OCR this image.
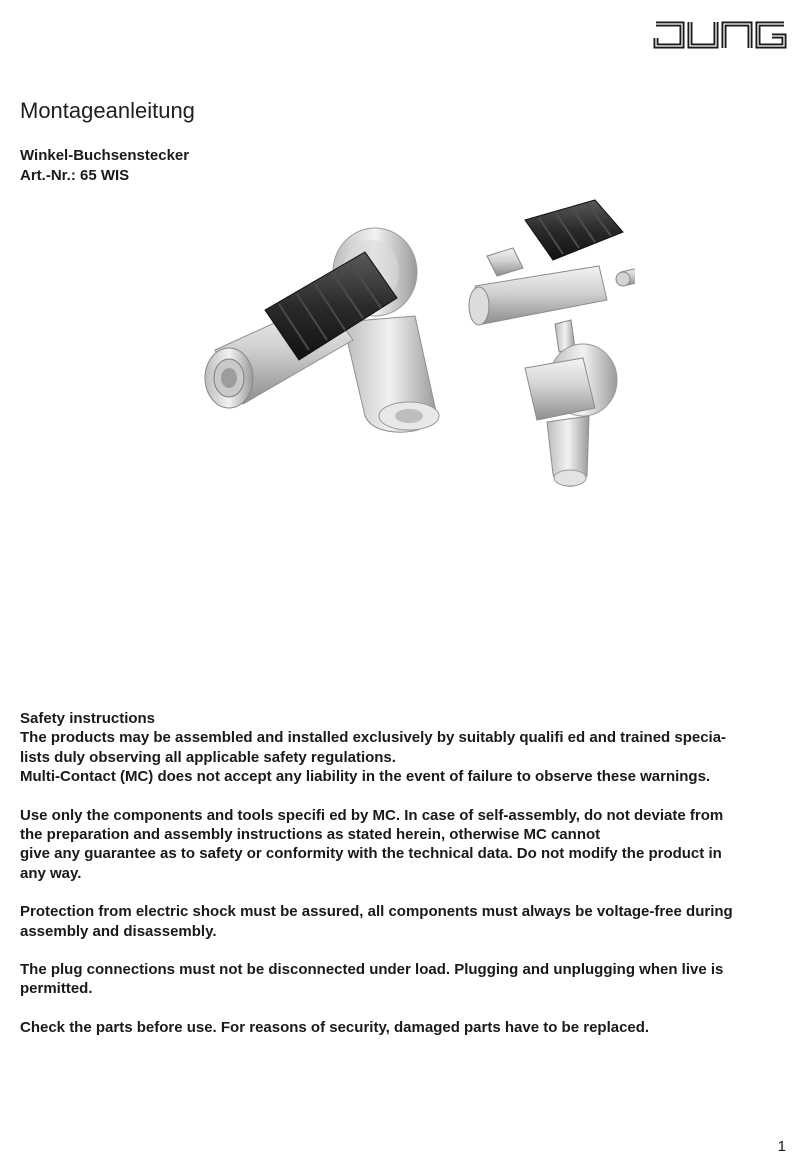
Montageanleitung
Winkel-Buchsenstecker
Art.-Nr.: 65 WIS
Safety instructions

The products may be assembled and installed exclusively by suitably qualifi ed and trained specia-
lists duly observing all applicable safety regulations.
Multi-Contact (MC) does not accept any liability in the event of failure to observe these warnings.

Use only the components and tools specifi ed by MC. In case of self-assembly, do not deviate from
the preparation and assembly instructions as stated herein, otherwise MC cannot
give any guarantee as to safety or conformity with the technical data. Do not modify the product in
any way.

Protection from electric shock must be assured, all components must always be voltage-free during
assembly and disassembly.

The plug connections must not be disconnected under load. Plugging and unplugging when live is
permitted.

Check the parts before use. For reasons of security, damaged parts have to be replaced.

1
